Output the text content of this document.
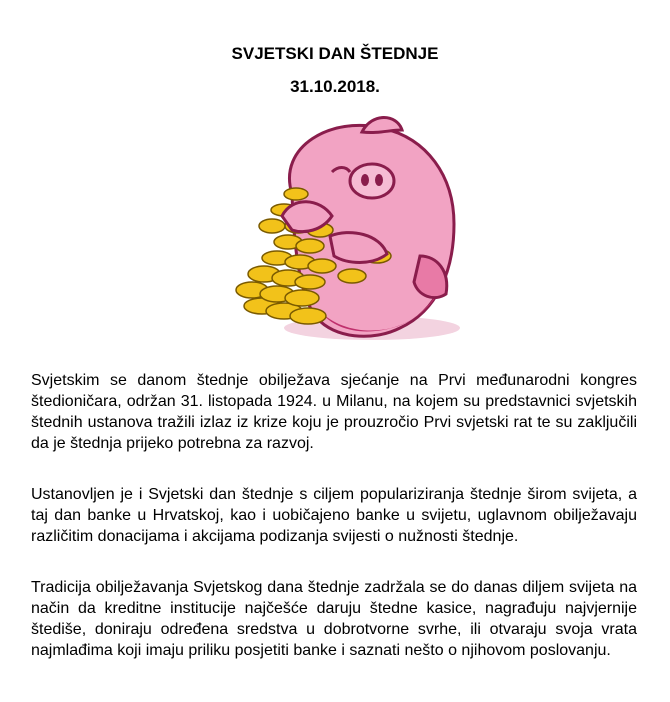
SVJETSKI DAN ŠTEDNJE
31.10.2018.

Svjetskim se danom štednje obilježava sjećanje na Prvi međunarodni kongres štedioničara, održan 31. listopada 1924. u Milanu, na kojem su predstavnici svjetskih štednih ustanova tražili izlaz iz krize koju je prouzročio Prvi svjetski rat te su zaključili da je štednja prijeko potrebna za razvoj.

Ustanovljen je i Svjetski dan štednje s ciljem populariziranja štednje širom svijeta, a taj dan banke u Hrvatskoj, kao i uobičajeno banke u svijetu, uglavnom obilježavaju različitim donacijama i akcijama podizanja svijesti o nužnosti štednje.

Tradicija obilježavanja Svjetskog dana štednje zadržala se do danas diljem svijeta na način da kreditne institucije najčešće daruju štedne kasice, nagrađuju najvjernije štediše, doniraju određena sredstva u dobrotvorne svrhe, ili otvaraju svoja vrata najmlađima koji imaju priliku posjetiti banke i saznati nešto o njihovom poslovanju.
